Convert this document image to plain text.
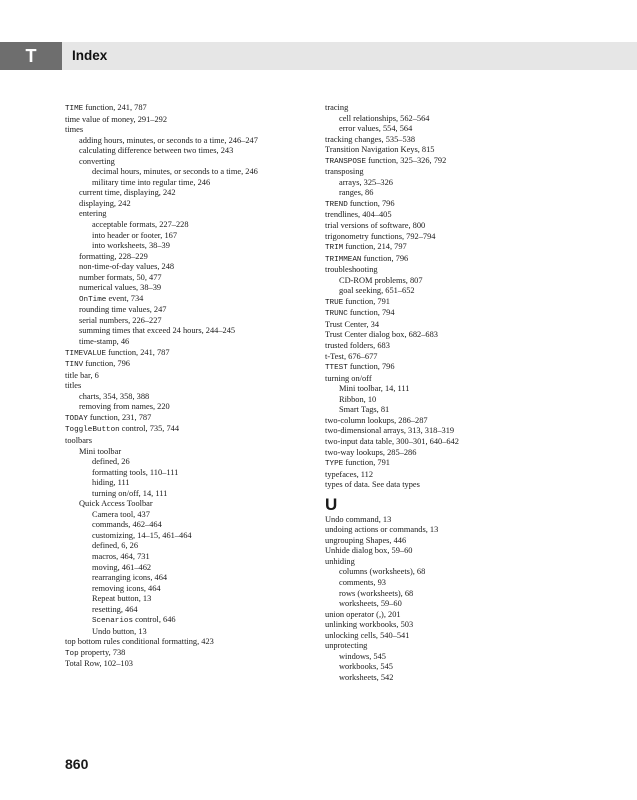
T	Index
TIME function, 241, 787
time value of money, 291–292
times
adding hours, minutes, or seconds to a time, 246–247
calculating difference between two times, 243
converting
decimal hours, minutes, or seconds to a time, 246
military time into regular time, 246
current time, displaying, 242
displaying, 242
entering
acceptable formats, 227–228
into header or footer, 167
into worksheets, 38–39
formatting, 228–229
non-time-of-day values, 248
number formats, 50, 477
numerical values, 38–39
OnTime event, 734
rounding time values, 247
serial numbers, 226–227
summing times that exceed 24 hours, 244–245
time-stamp, 46
TIMEVALUE function, 241, 787
TINV function, 796
title bar, 6
titles
charts, 354, 358, 388
removing from names, 220
TODAY function, 231, 787
ToggleButton control, 735, 744
toolbars
Mini toolbar
defined, 26
formatting tools, 110–111
hiding, 111
turning on/off, 14, 111
Quick Access Toolbar
Camera tool, 437
commands, 462–464
customizing, 14–15, 461–464
defined, 6, 26
macros, 464, 731
moving, 461–462
rearranging icons, 464
removing icons, 464
Repeat button, 13
resetting, 464
Scenarios control, 646
Undo button, 13
top bottom rules conditional formatting, 423
Top property, 738
Total Row, 102–103
tracing
cell relationships, 562–564
error values, 554, 564
tracking changes, 535–538
Transition Navigation Keys, 815
TRANSPOSE function, 325–326, 792
transposing
arrays, 325–326
ranges, 86
TREND function, 796
trendlines, 404–405
trial versions of software, 800
trigonometry functions, 792–794
TRIM function, 214, 797
TRIMMEAN function, 796
troubleshooting
CD-ROM problems, 807
goal seeking, 651–652
TRUE function, 791
TRUNC function, 794
Trust Center, 34
Trust Center dialog box, 682–683
trusted folders, 683
t-Test, 676–677
TTEST function, 796
turning on/off
Mini toolbar, 14, 111
Ribbon, 10
Smart Tags, 81
two-column lookups, 286–287
two-dimensional arrays, 313, 318–319
two-input data table, 300–301, 640–642
two-way lookups, 285–286
TYPE function, 791
typefaces, 112
types of data. See data types
U
Undo command, 13
undoing actions or commands, 13
ungrouping Shapes, 446
Unhide dialog box, 59–60
unhiding
columns (worksheets), 68
comments, 93
rows (worksheets), 68
worksheets, 59–60
union operator (,), 201
unlinking workbooks, 503
unlocking cells, 540–541
unprotecting
windows, 545
workbooks, 545
worksheets, 542
860
